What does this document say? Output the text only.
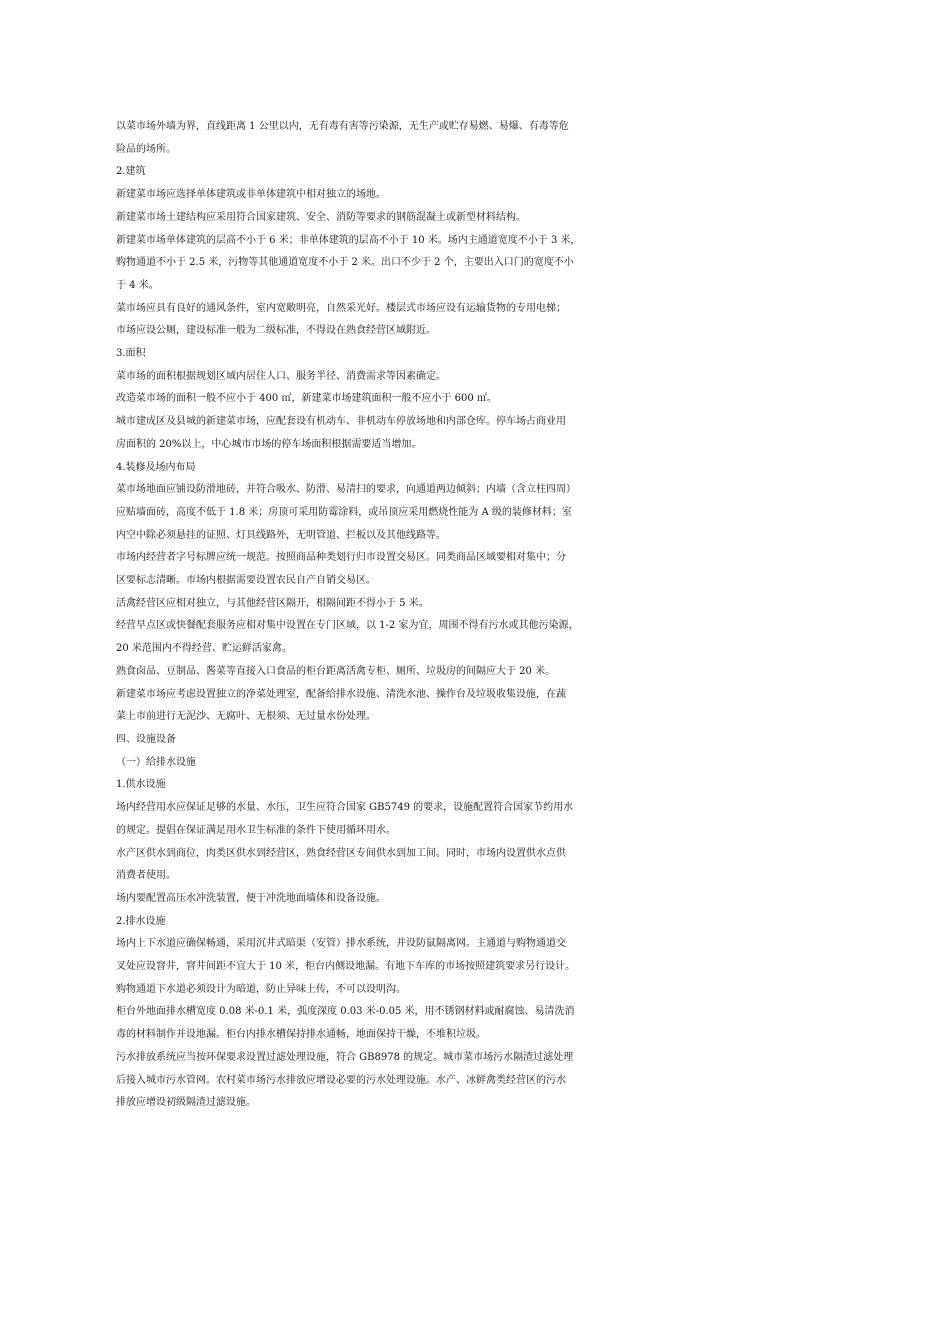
以菜市场外墙为界，直线距离 1 公里以内，无有毒有害等污染源，无生产或贮存易燃、易爆、有毒等危

险品的场所。

2.建筑

新建菜市场应选择单体建筑或非单体建筑中相对独立的场地。

新建菜市场土建结构应采用符合国家建筑、安全、消防等要求的钢筋混凝土或新型材料结构。

新建菜市场单体建筑的层高不小于 6 米；非单体建筑的层高不小于 10 米。场内主通道宽度不小于 3 米，

购物通道不小于 2.5 米，污物等其他通道宽度不小于 2 米。出口不少于 2 个，主要出入口门的宽度不小

于 4 米。

菜市场应具有良好的通风条件，室内宽敞明亮，自然采光好。楼层式市场应设有运输货物的专用电梯；

市场应设公厕，建设标准一般为二级标准，不得设在熟食经营区域附近。

3.面积

菜市场的面积根据规划区域内居住人口、服务半径、消费需求等因素确定。

改造菜市场的面积一般不应小于 400 ㎡，新建菜市场建筑面积一般不应小于 600 ㎡。

城市建成区及县城的新建菜市场，应配套设有机动车、非机动车停放场地和内部仓库。停车场占商业用

房面积的 20%以上，中心城市市场的停车场面积根据需要适当增加。

4.装修及场内布局

菜市场地面应铺设防滑地砖，并符合吸水、防滑、易清扫的要求，向通道两边倾斜；内墙（含立柱四周）

应贴墙面砖，高度不低于 1.8 米；房顶可采用防霉涂料，或吊顶应采用燃烧性能为 A 级的装修材料；室

内空中除必须悬挂的证照、灯具线路外，无明管道、拦板以及其他线路等。

市场内经营者字号标牌应统一规范。按照商品种类划行归市设置交易区。同类商品区域要相对集中；分

区要标志清晰。市场内根据需要设置农民自产自销交易区。

活禽经营区应相对独立，与其他经营区隔开，相隔间距不得小于 5 米。

经营早点区或快餐配套服务应相对集中设置在专门区域，以 1-2 家为宜，周围不得有污水或其他污染源，

20 米范围内不得经营、贮运鲜活家禽。

熟食卤品、豆制品、酱菜等直接入口食品的柜台距离活禽专柜、厕所、垃圾房的间隔应大于 20 米。

新建菜市场应考虑设置独立的净菜处理室，配备给排水设施、清洗水池、操作台及垃圾收集设施，在蔬

菜上市前进行无泥沙、无腐叶、无根须、无过量水份处理。

四、设施设备

（一）给排水设施

1.供水设施

场内经营用水应保证足够的水量、水压，卫生应符合国家 GB5749 的要求，设施配置符合国家节约用水

的规定。提倡在保证满足用水卫生标准的条件下使用循环用水。

水产区供水到商位，肉类区供水到经营区，熟食经营区专间供水到加工间。同时，市场内设置供水点供

消费者使用。

场内要配置高压水冲洗装置，便于冲洗地面墙体和设备设施。

2.排水设施

场内上下水道应确保畅通，采用沉井式暗渠（安管）排水系统，并设防鼠隔离网。主通道与购物通道交

叉处应设窨井，窨井间距不宜大于 10 米，柜台内侧设地漏。有地下车库的市场按照建筑要求另行设计。

购物通道下水道必须设计为暗道，防止异味上传，不可以设明沟。

柜台外地面排水槽宽度 0.08 米-0.1 米，弧度深度 0.03 米-0.05 米，用不锈钢材料或耐腐蚀、易清洗消

毒的材料制作并设地漏。柜台内排水槽保持排水通畅，地面保持干燥，不堆积垃圾。

污水排放系统应当按环保要求设置过滤处理设施，符合 GB8978 的规定。城市菜市场污水隔渣过滤处理

后接入城市污水管网。农村菜市场污水排放应增设必要的污水处理设施。水产、冰鲜禽类经营区的污水

排放应增设初级隔渣过滤设施。
